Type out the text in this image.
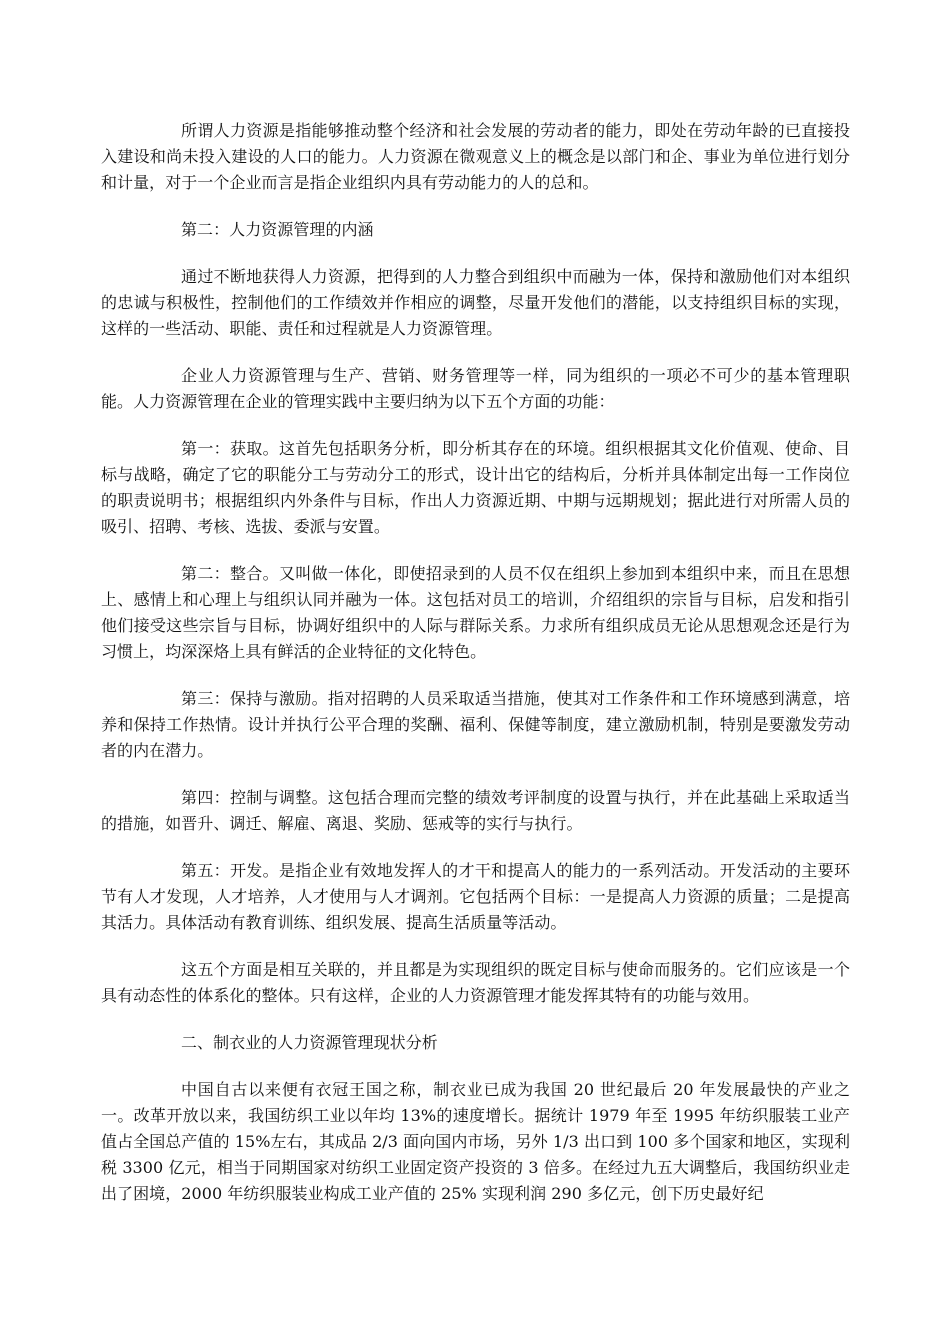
所谓人力资源是指能够推动整个经济和社会发展的劳动者的能力，即处在劳动年龄的已直接投入建设和尚未投入建设的人口的能力。人力资源在微观意义上的概念是以部门和企、事业为单位进行划分和计量，对于一个企业而言是指企业组织内具有劳动能力的人的总和。

第二：人力资源管理的内涵

通过不断地获得人力资源，把得到的人力整合到组织中而融为一体，保持和激励他们对本组织的忠诚与积极性，控制他们的工作绩效并作相应的调整，尽量开发他们的潜能，以支持组织目标的实现，这样的一些活动、职能、责任和过程就是人力资源管理。

企业人力资源管理与生产、营销、财务管理等一样，同为组织的一项必不可少的基本管理职能。人力资源管理在企业的管理实践中主要归纳为以下五个方面的功能：

第一：获取。这首先包括职务分析，即分析其存在的环境。组织根据其文化价值观、使命、目标与战略，确定了它的职能分工与劳动分工的形式，设计出它的结构后，分析并具体制定出每一工作岗位的职责说明书；根据组织内外条件与目标，作出人力资源近期、中期与远期规划；据此进行对所需人员的吸引、招聘、考核、选拔、委派与安置。

第二：整合。又叫做一体化，即使招录到的人员不仅在组织上参加到本组织中来，而且在思想上、感情上和心理上与组织认同并融为一体。这包括对员工的培训，介绍组织的宗旨与目标，启发和指引他们接受这些宗旨与目标，协调好组织中的人际与群际关系。力求所有组织成员无论从思想观念还是行为习惯上，均深深烙上具有鲜活的企业特征的文化特色。

第三：保持与激励。指对招聘的人员采取适当措施，使其对工作条件和工作环境感到满意，培养和保持工作热情。设计并执行公平合理的奖酬、福利、保健等制度，建立激励机制，特别是要激发劳动者的内在潜力。

第四：控制与调整。这包括合理而完整的绩效考评制度的设置与执行，并在此基础上采取适当的措施，如晋升、调迁、解雇、离退、奖励、惩戒等的实行与执行。

第五：开发。是指企业有效地发挥人的才干和提高人的能力的一系列活动。开发活动的主要环节有人才发现，人才培养，人才使用与人才调剂。它包括两个目标：一是提高人力资源的质量；二是提高其活力。具体活动有教育训练、组织发展、提高生活质量等活动。

这五个方面是相互关联的，并且都是为实现组织的既定目标与使命而服务的。它们应该是一个具有动态性的体系化的整体。只有这样，企业的人力资源管理才能发挥其特有的功能与效用。

二、制衣业的人力资源管理现状分析

中国自古以来便有衣冠王国之称，制衣业已成为我国 20 世纪最后 20 年发展最快的产业之一。改革开放以来，我国纺织工业以年均 13%的速度增长。据统计 1979 年至 1995 年纺织服装工业产值占全国总产值的 15%左右，其成品 2/3 面向国内市场，另外 1/3 出口到 100 多个国家和地区，实现利税 3300 亿元，相当于同期国家对纺织工业固定资产投资的 3 倍多。在经过九五大调整后，我国纺织业走出了困境，2000 年纺织服装业构成工业产值的 25% 实现利润 290 多亿元，创下历史最好纪
